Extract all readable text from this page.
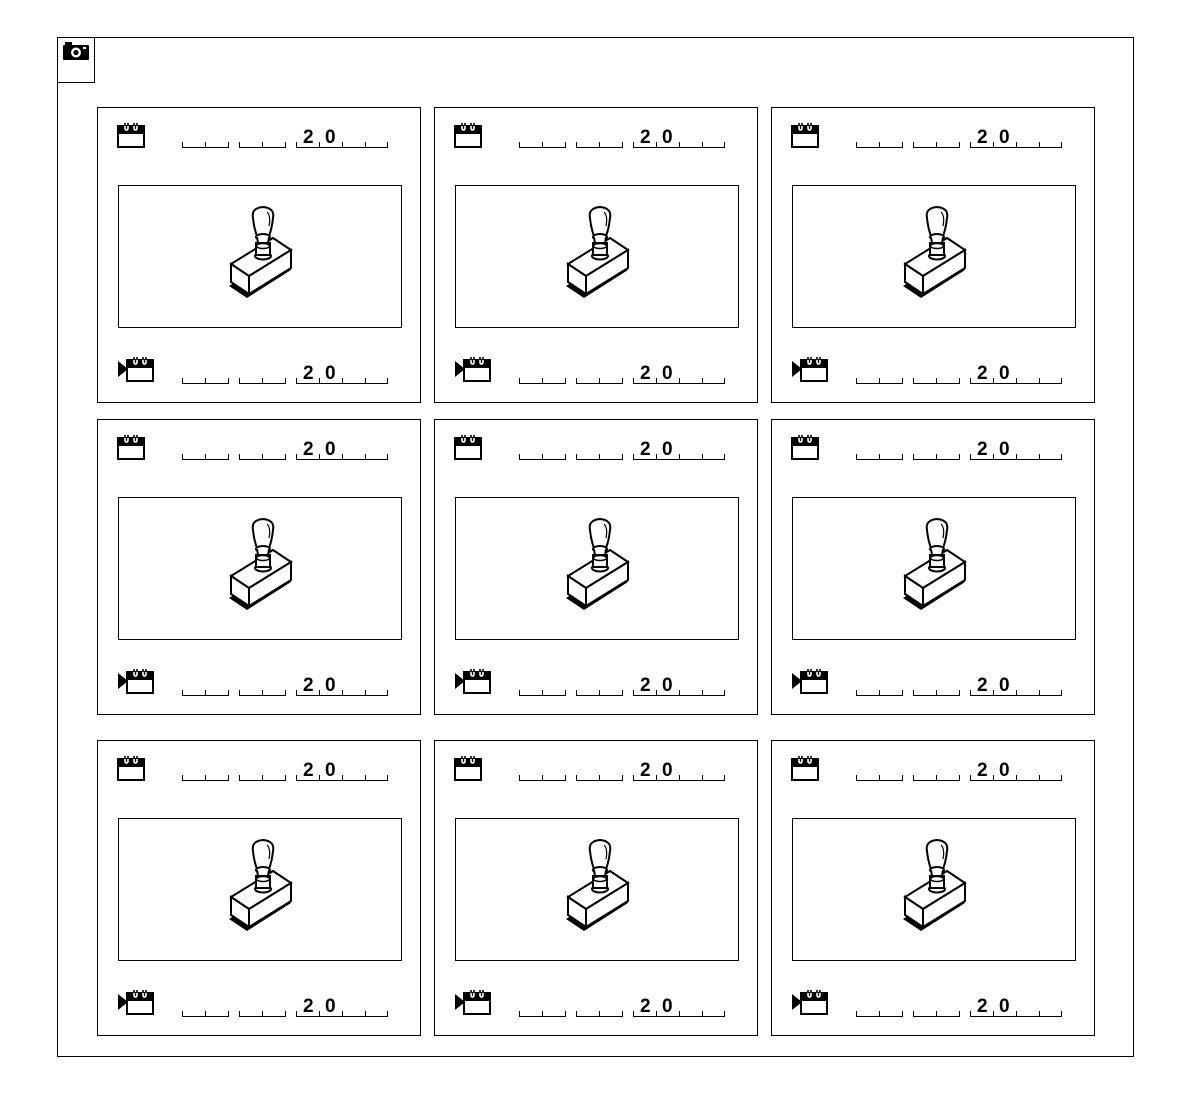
2 0
2 0
2 0
2 0
2 0
2 0
2 0
2 0
2 0
2 0
2 0
2 0
2 0
2 0
2 0
2 0
2 0
2 0
